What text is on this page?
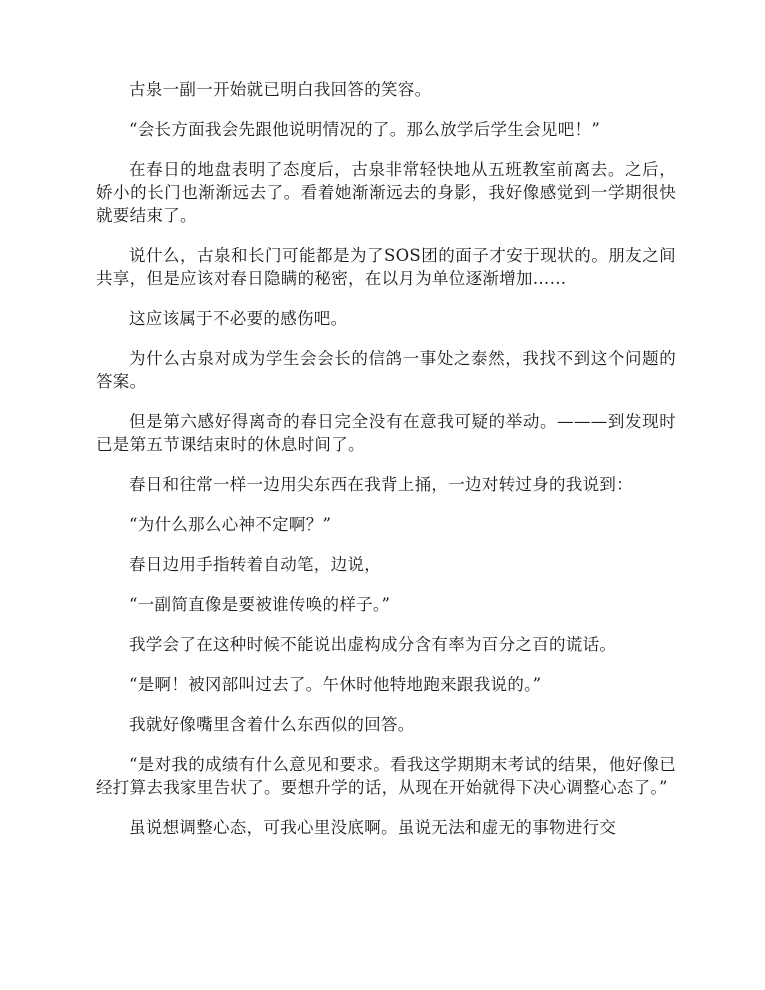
古泉一副一开始就已明白我回答的笑容。

“会长方面我会先跟他说明情况的了。那么放学后学生会见吧！”

在春日的地盘表明了态度后，古泉非常轻快地从五班教室前离去。之后，娇小的长门也渐渐远去了。看着她渐渐远去的身影，我好像感觉到一学期很快就要结束了。

说什么，古泉和长门可能都是为了SOS团的面子才安于现状的。朋友之间共享，但是应该对春日隐瞒的秘密，在以月为单位逐渐增加……

这应该属于不必要的感伤吧。

为什么古泉对成为学生会会长的信鸽一事处之泰然，我找不到这个问题的答案。

但是第六感好得离奇的春日完全没有在意我可疑的举动。———到发现时已是第五节课结束时的休息时间了。

春日和往常一样一边用尖东西在我背上捅，一边对转过身的我说到：

“为什么那么心神不定啊？”

春日边用手指转着自动笔，边说，

“一副简直像是要被谁传唤的样子。”

我学会了在这种时候不能说出虚构成分含有率为百分之百的谎话。

“是啊！被冈部叫过去了。午休时他特地跑来跟我说的。”

我就好像嘴里含着什么东西似的回答。

“是对我的成绩有什么意见和要求。看我这学期期末考试的结果，他好像已经打算去我家里告状了。要想升学的话，从现在开始就得下决心调整心态了。”

虽说想调整心态，可我心里没底啊。虽说无法和虚无的事物进行交
